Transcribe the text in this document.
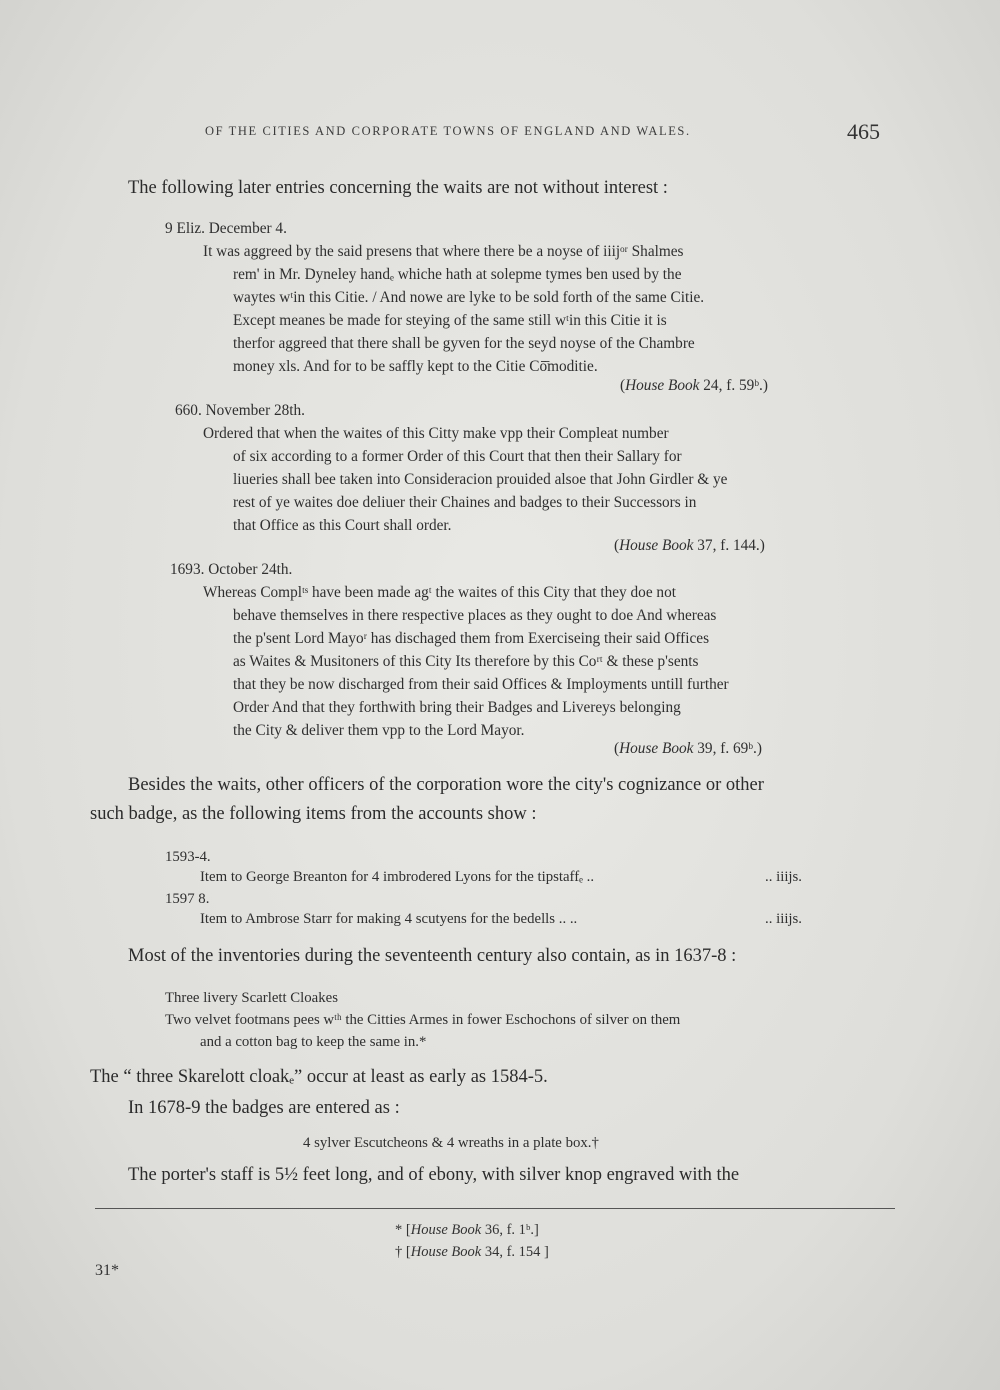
OF THE CITIES AND CORPORATE TOWNS OF ENGLAND AND WALES.	465
The following later entries concerning the waits are not without interest :
9 Eliz. December 4.
It was aggreed by the said presens that where there be a noyse of iiijᵒʳ Shalmes
rem' in Mr. Dyneley handₑ whiche hath at solepme tymes ben used by the
waytes wᵗin this Citie. / And nowe are lyke to be sold forth of the same Citie.
Except meanes be made for steying of the same still wᵗin this Citie it is
therfor aggreed that there shall be gyven for the seyd noyse of the Chambre
money xls. And for to be saffly kept to the Citie Cō̄moditie.
(House Book 24, f. 59ᵇ.)
660. November 28th.
Ordered that when the waites of this Citty make vpp their Compleat number
of six according to a former Order of this Court that then their Sallary for
liueries shall bee taken into Consideracion prouided alsoe that John Girdler & ye
rest of ye waites doe deliuer their Chaines and badges to their Successors in
that Office as this Court shall order.
(House Book 37, f. 144.)
1693. October 24th.
Whereas Complᵗˢ have been made agᵗ the waites of this City that they doe not
behave themselves in there respective places as they ought to doe And whereas
the p'sent Lord Mayoʳ has dischaged them from Exerciseing their said Offices
as Waites & Musitoners of this City Its therefore by this Coʳᵗ & these p'sents
that they be now discharged from their said Offices & Imployments untill further
Order And that they forthwith bring their Badges and Livereys belonging
the City & deliver them vpp to the Lord Mayor.
(House Book 39, f. 69ᵇ.)
Besides the waits, other officers of the corporation wore the city's cognizance or other
such badge, as the following items from the accounts show :
1593-4.
Item to George Breanton for 4 imbrodered Lyons for the tipstaffₑ ..	.. iiijs.
1597 8.
Item to Ambrose Starr for making 4 scutyens for the bedells .. ..	.. iiijs.
Most of the inventories during the seventeenth century also contain, as in 1637-8 :
Three livery Scarlett Cloakes
Two velvet footmans pees wᵗʰ the Citties Armes in fower Eschochons of silver on them
and a cotton bag to keep the same in.*
The “ three Skarelott cloakₑ” occur at least as early as 1584-5.
In 1678-9 the badges are entered as :
4 sylver Escutcheons & 4 wreaths in a plate box.†
The porter's staff is 5½ feet long, and of ebony, with silver knop engraved with the
* [House Book 36, f. 1ᵇ.]
† [House Book 34, f. 154 ]
31*
